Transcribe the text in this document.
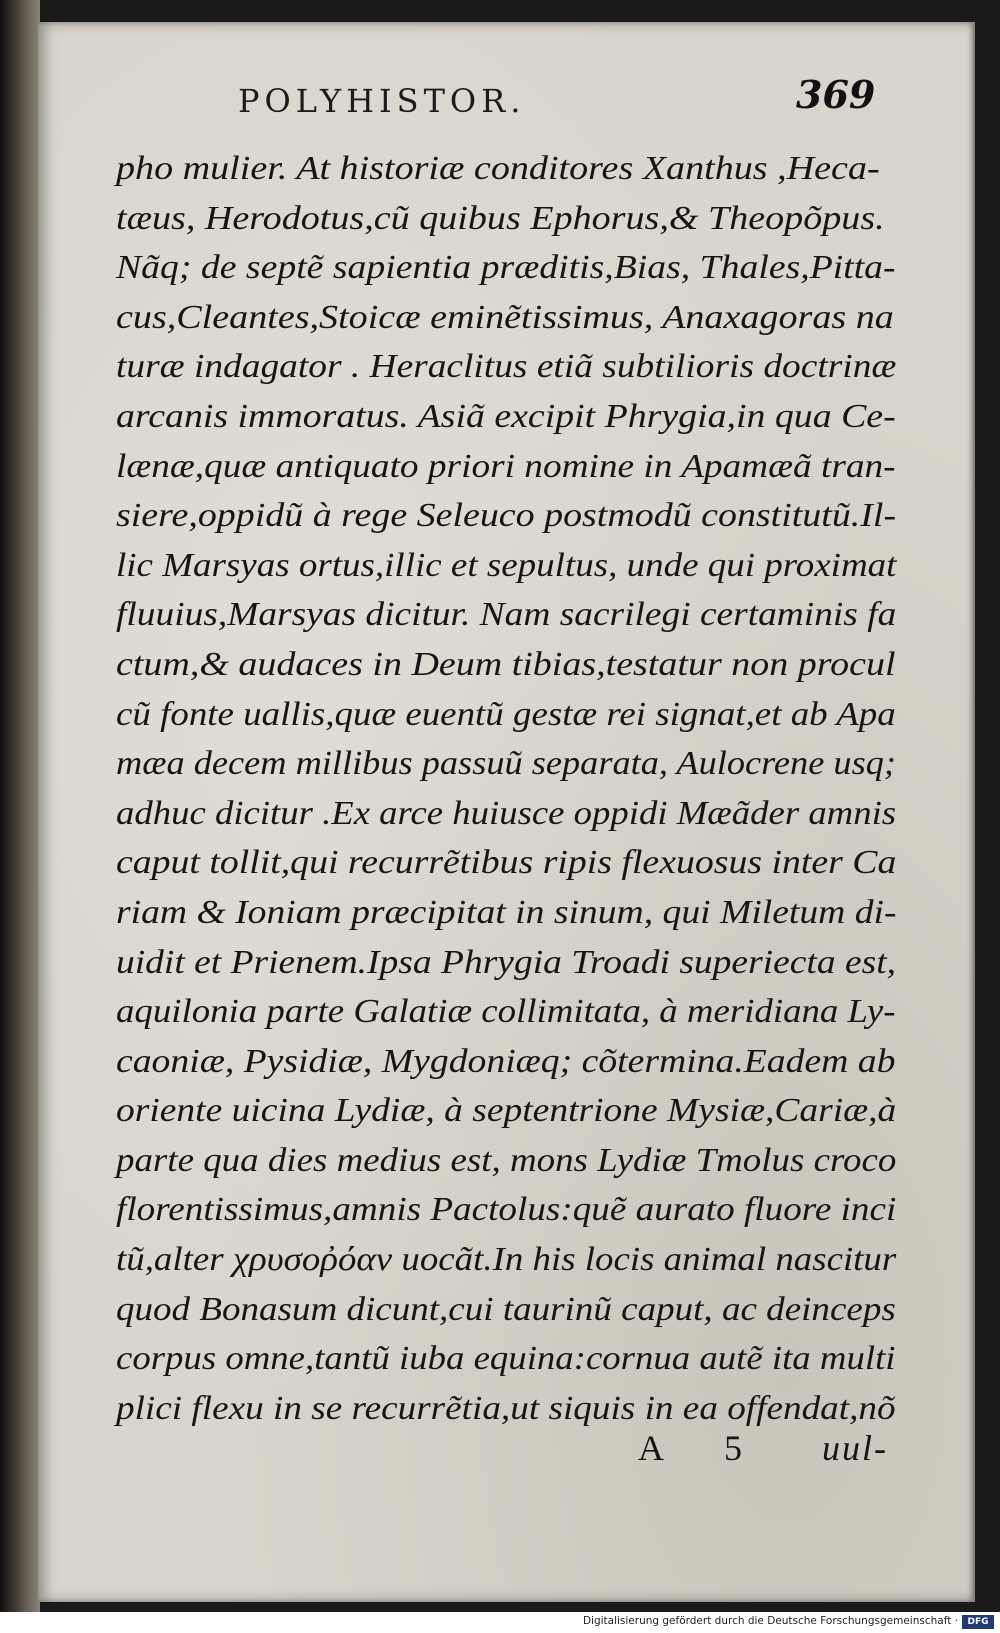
POLYHISTOR.	369
pho mulier. At historiæ conditores Xanthus ,Heca-
tæus, Herodotus,cũ quibus Ephorus,& Theopõpus.
Nãq; de septẽ sapientia præditis,Bias, Thales,Pitta-
cus,Cleantes,Stoicæ eminẽtissimus, Anaxagoras na
turæ indagator . Heraclitus etiã subtilioris doctrinæ
arcanis immoratus. Asiã excipit Phrygia,in qua Ce-
lænæ,quæ antiquato priori nomine in Apamæã tran-
siere,oppidũ à rege Seleuco postmodũ constitutũ.Il-
lic Marsyas ortus,illic et sepultus, unde qui proximat
fluuius,Marsyas dicitur. Nam sacrilegi certaminis fa
ctum,& audaces in Deum tibias,testatur non procul
cũ fonte uallis,quæ euentũ gestæ rei signat,et ab Apa
mæa decem millibus passuũ separata, Aulocrene usq;
adhuc dicitur .Ex arce huiusce oppidi Mæãder amnis
caput tollit,qui recurrẽtibus ripis flexuosus inter Ca
riam & Ioniam præcipitat in sinum, qui Miletum di-
uidit et Prienem.Ipsa Phrygia Troadi superiecta est,
aquilonia parte Galatiæ collimitata, à meridiana Ly-
caoniæ, Pysidiæ, Mygdoniæq; cõtermina.Eadem ab
oriente uicina Lydiæ, à septentrione Mysiæ,Cariæ,à
parte qua dies medius est, mons Lydiæ Tmolus croco
florentissimus,amnis Pactolus:quẽ aurato fluore inci
tũ,alter χρυσοῤόαν uocãt.In his locis animal nascitur
quod Bonasum dicunt,cui taurinũ caput, ac deinceps
corpus omne,tantũ iuba equina:cornua autẽ ita multi
plici flexu in se recurrẽtia,ut siquis in ea offendat,nõ
A 5 uul-
Digitalisierung gefördert durch die Deutsche Forschungsgemeinschaft ·	DFG
